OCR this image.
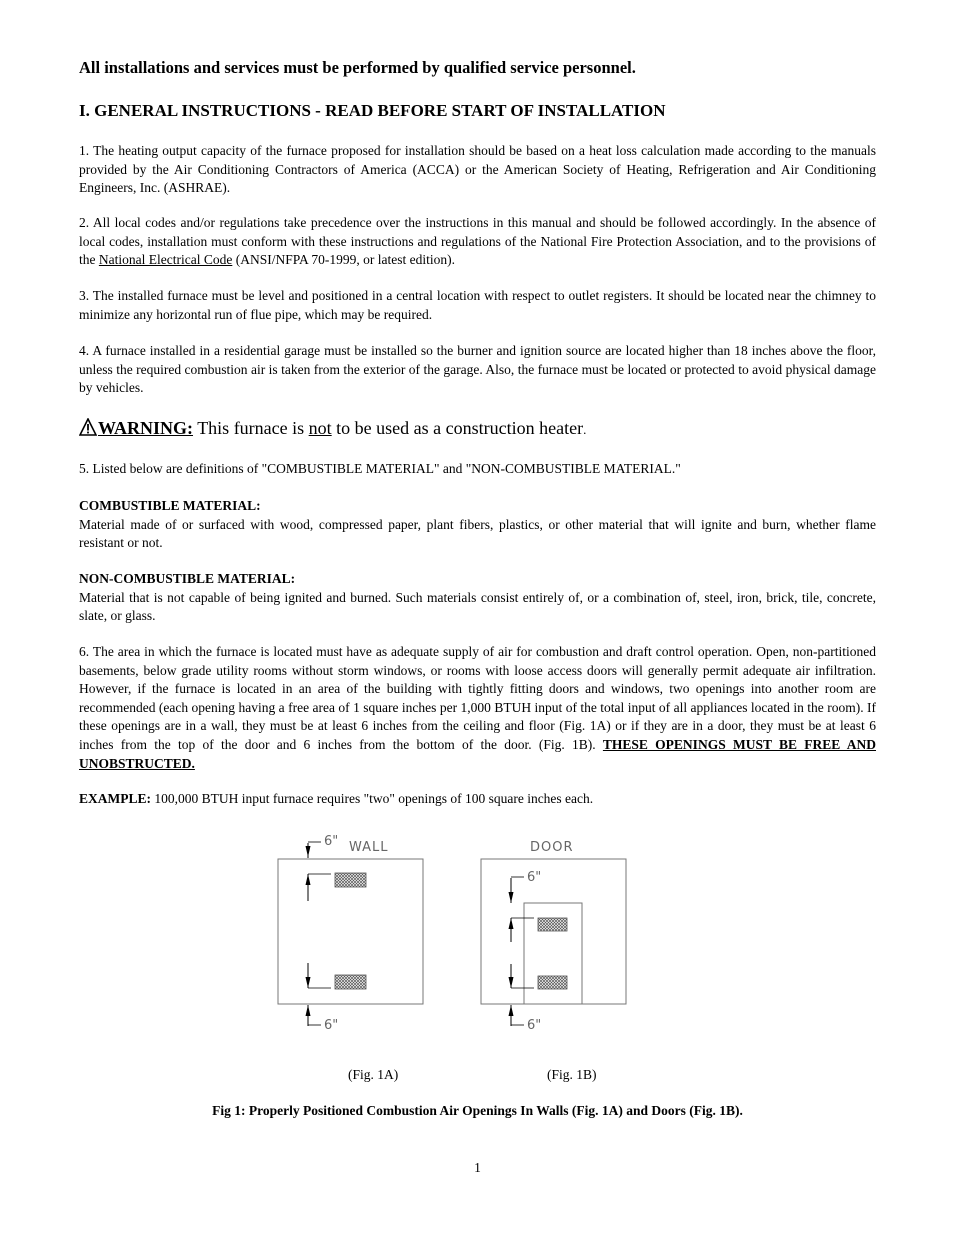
All installations and services must be performed by qualified service personnel.
I. GENERAL INSTRUCTIONS - READ BEFORE START OF INSTALLATION
1. The heating output capacity of the furnace proposed for installation should be based on a heat loss calculation made according to the manuals provided by the Air Conditioning Contractors of America (ACCA) or the American Society of Heating, Refrigeration and Air Conditioning Engineers, Inc. (ASHRAE).
2. All local codes and/or regulations take precedence over the instructions in this manual and should be followed accordingly. In the absence of local codes, installation must conform with these instructions and regulations of the National Fire Protection Association, and to the provisions of the National Electrical Code (ANSI/NFPA 70-1999, or latest edition).
3. The installed furnace must be level and positioned in a central location with respect to outlet registers. It should be located near the chimney to minimize any horizontal run of flue pipe, which may be required.
4. A furnace installed in a residential garage must be installed so the burner and ignition source are located higher than 18 inches above the floor, unless the required combustion air is taken from the exterior of the garage. Also, the furnace must be located or protected to avoid physical damage by vehicles.
WARNING: This furnace is not to be used as a construction heater.
5. Listed below are definitions of "COMBUSTIBLE MATERIAL" and "NON-COMBUSTIBLE MATERIAL."
COMBUSTIBLE MATERIAL:
Material made of or surfaced with wood, compressed paper, plant fibers, plastics, or other material that will ignite and burn, whether flame resistant or not.
NON-COMBUSTIBLE MATERIAL:
Material that is not capable of being ignited and burned. Such materials consist entirely of, or a combination of, steel, iron, brick, tile, concrete, slate, or glass.
6. The area in which the furnace is located must have as adequate supply of air for combustion and draft control operation. Open, non-partitioned basements, below grade utility rooms without storm windows, or rooms with loose access doors will generally permit adequate air infiltration. However, if the furnace is located in an area of the building with tightly fitting doors and windows, two openings into another room are recommended (each opening having a free area of 1 square inches per 1,000 BTUH input of the total input of all appliances located in the room). If these openings are in a wall, they must be at least 6 inches from the ceiling and floor (Fig. 1A) or if they are in a door, they must be at least 6 inches from the top of the door and 6 inches from the bottom of the door. (Fig. 1B). THESE OPENINGS MUST BE FREE AND UNOBSTRUCTED.
EXAMPLE: 100,000 BTUH input furnace requires "two" openings of 100 square inches each.
6" WALL
6"
DOOR
6"
6"
(Fig. 1A)	(Fig. 1B)
Fig 1: Properly Positioned Combustion Air Openings In Walls (Fig. 1A) and Doors (Fig. 1B).
1
